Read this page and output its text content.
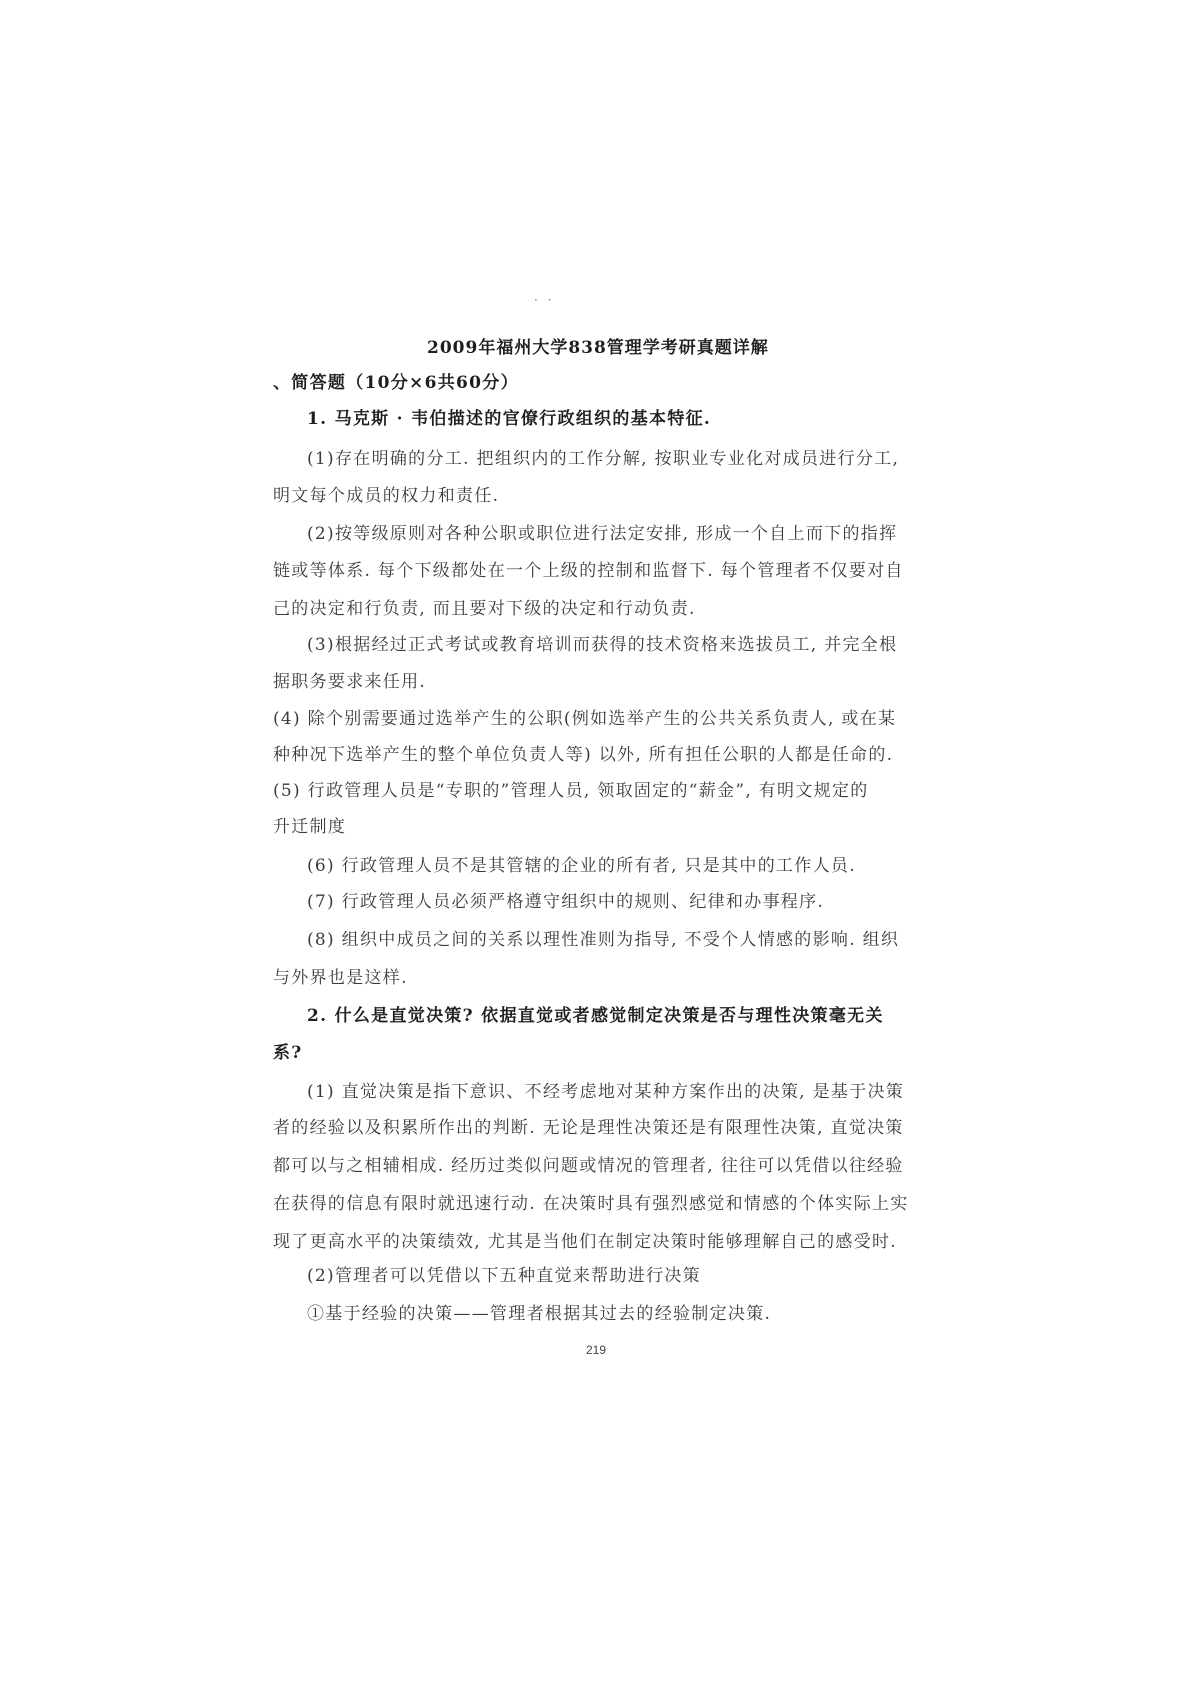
· ·
2009年福州大学838管理学考研真题详解
、简答题（10分×6共60分）
1. 马克斯 · 韦伯描述的官僚行政组织的基本特征.
(1)存在明确的分工. 把组织内的工作分解, 按职业专业化对成员进行分工,
明文每个成员的权力和责任.
(2)按等级原则对各种公职或职位进行法定安排, 形成一个自上而下的指挥
链或等体系. 每个下级都处在一个上级的控制和监督下. 每个管理者不仅要对自
己的决定和行负责, 而且要对下级的决定和行动负责.
(3)根据经过正式考试或教育培训而获得的技术资格来选拔员工, 并完全根
据职务要求来任用.
(4) 除个别需要通过选举产生的公职(例如选举产生的公共关系负责人, 或在某
种种况下选举产生的整个单位负责人等) 以外, 所有担任公职的人都是任命的.
(5) 行政管理人员是“专职的”管理人员, 领取固定的“薪金”, 有明文规定的
升迁制度
(6) 行政管理人员不是其管辖的企业的所有者, 只是其中的工作人员.
(7) 行政管理人员必须严格遵守组织中的规则、纪律和办事程序.
(8) 组织中成员之间的关系以理性准则为指导, 不受个人情感的影响. 组织
与外界也是这样.
2. 什么是直觉决策? 依据直觉或者感觉制定决策是否与理性决策毫无关
系?
(1) 直觉决策是指下意识、不经考虑地对某种方案作出的决策, 是基于决策
者的经验以及积累所作出的判断. 无论是理性决策还是有限理性决策, 直觉决策
都可以与之相辅相成. 经历过类似问题或情况的管理者, 往往可以凭借以往经验
在获得的信息有限时就迅速行动. 在决策时具有强烈感觉和情感的个体实际上实
现了更高水平的决策绩效, 尤其是当他们在制定决策时能够理解自己的感受时.
(2)管理者可以凭借以下五种直觉来帮助进行决策
①基于经验的决策——管理者根据其过去的经验制定决策.
219
